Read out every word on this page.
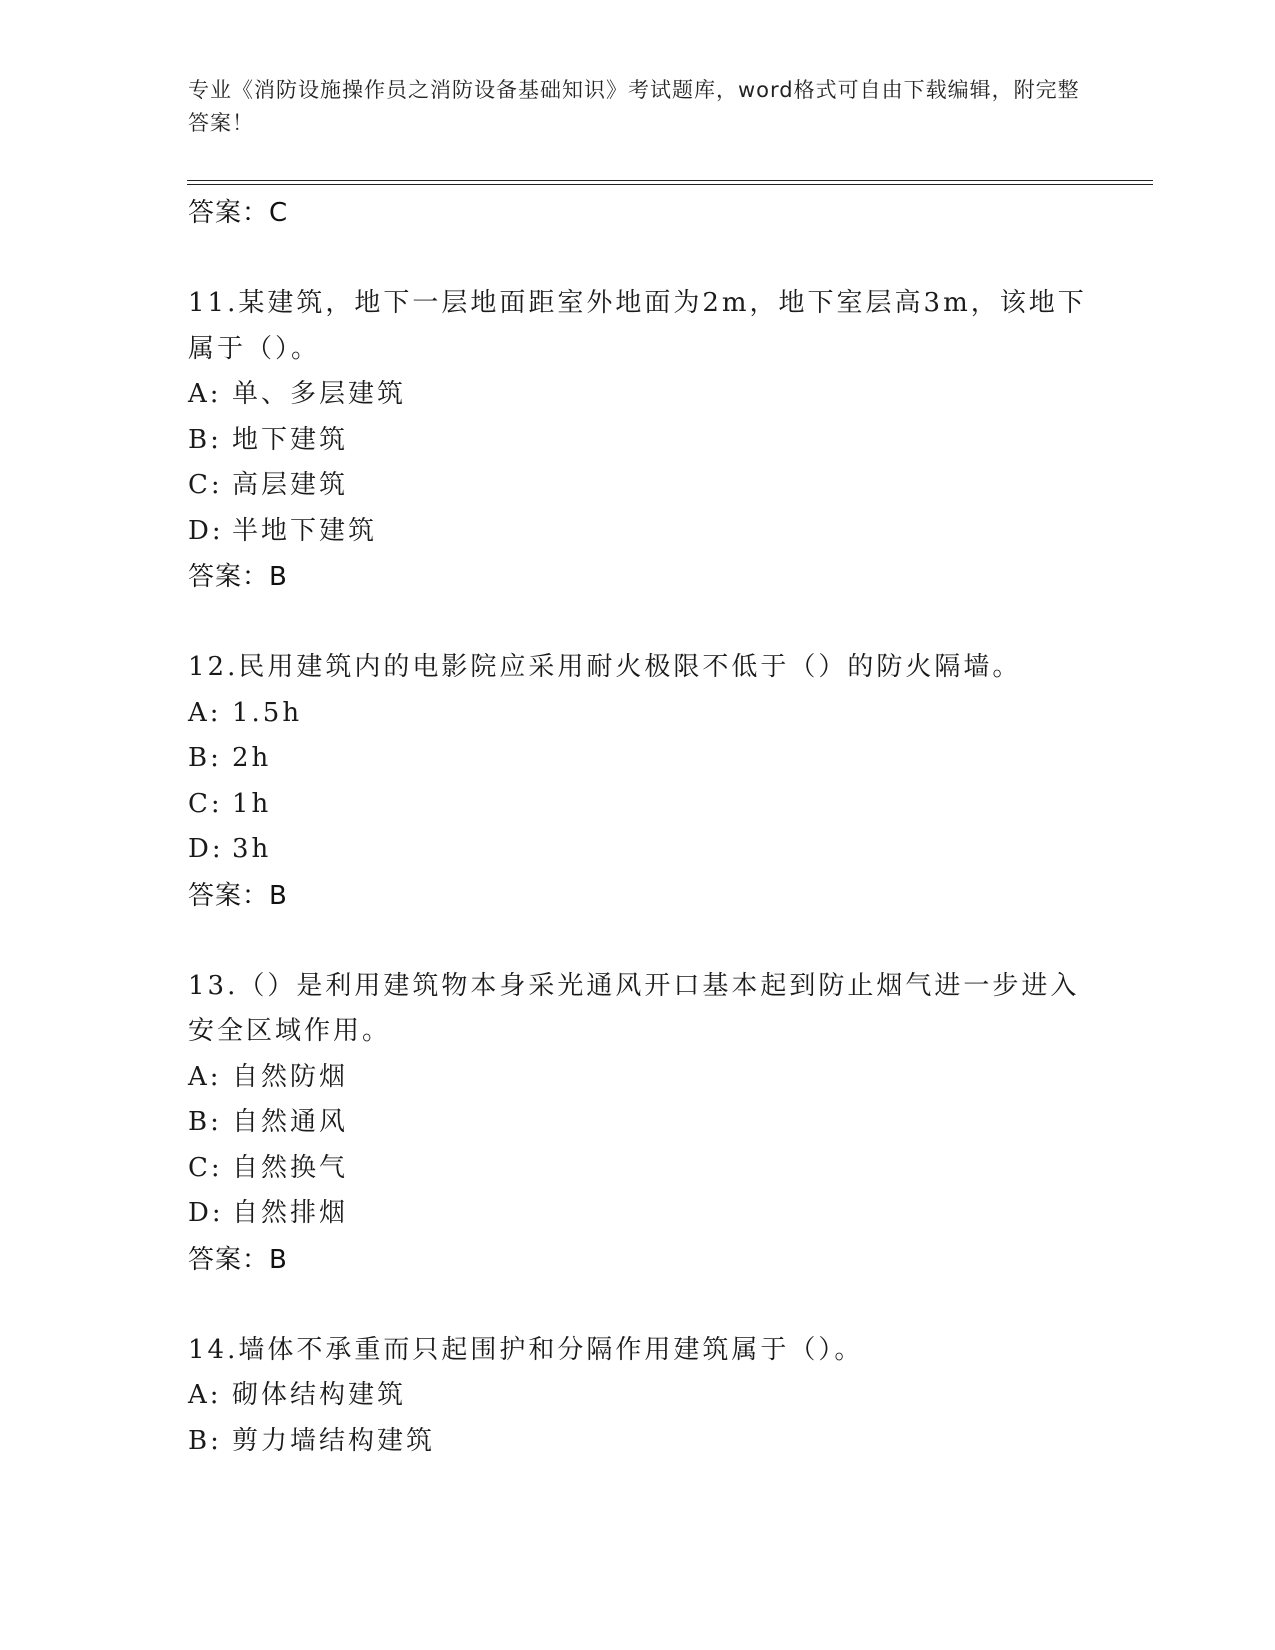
专业《消防设施操作员之消防设备基础知识》考试题库，word格式可自由下载编辑，附完整答案！
答案：C

11.某建筑，地下一层地面距室外地面为2m，地下室层高3m，该地下属于（）。

A: 单、多层建筑
B: 地下建筑
C: 高层建筑
D: 半地下建筑
答案：B

12.民用建筑内的电影院应采用耐火极限不低于（）的防火隔墙。

A: 1.5h
B: 2h
C: 1h
D: 3h
答案：B

13.（）是利用建筑物本身采光通风开口基本起到防止烟气进一步进入安全区域作用。

A: 自然防烟
B: 自然通风
C: 自然换气
D: 自然排烟
答案：B

14.墙体不承重而只起围护和分隔作用建筑属于（）。

A: 砌体结构建筑
B: 剪力墙结构建筑
